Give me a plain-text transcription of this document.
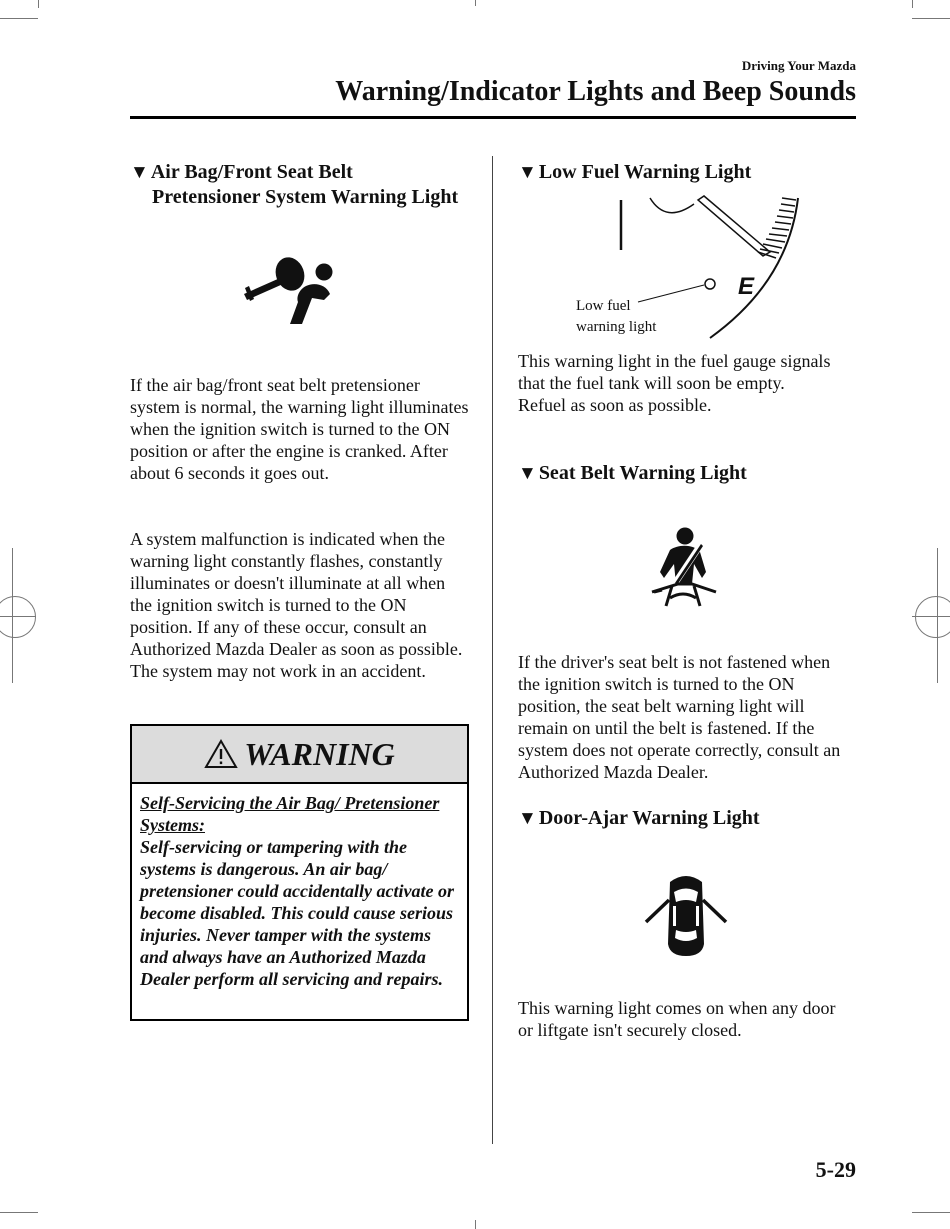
Driving Your Mazda
Warning/Indicator Lights and Beep Sounds
▼ Air Bag/Front Seat Belt
Pretensioner System Warning Light

If the air bag/front seat belt pretensioner system is normal, the warning light illuminates when the ignition switch is turned to the ON position or after the engine is cranked. After about 6 seconds it goes out.

A system malfunction is indicated when the warning light constantly flashes, constantly illuminates or doesn't illuminate at all when the ignition switch is turned to the ON position. If any of these occur, consult an Authorized Mazda Dealer as soon as possible. The system may not work in an accident.

WARNING
Self-Servicing the Air Bag/ Pretensioner Systems:
Self-servicing or tampering with the systems is dangerous. An air bag/ pretensioner could accidentally activate or become disabled. This could cause serious injuries. Never tamper with the systems and always have an Authorized Mazda Dealer perform all servicing and repairs.
▼ Low Fuel Warning Light
E
Low fuel
warning light

This warning light in the fuel gauge signals that the fuel tank will soon be empty.
Refuel as soon as possible.

▼ Seat Belt Warning Light

If the driver's seat belt is not fastened when the ignition switch is turned to the ON position, the seat belt warning light will remain on until the belt is fastened. If the system does not operate correctly, consult an Authorized Mazda Dealer.

▼ Door-Ajar Warning Light

This warning light comes on when any door or liftgate isn't securely closed.

5-29
